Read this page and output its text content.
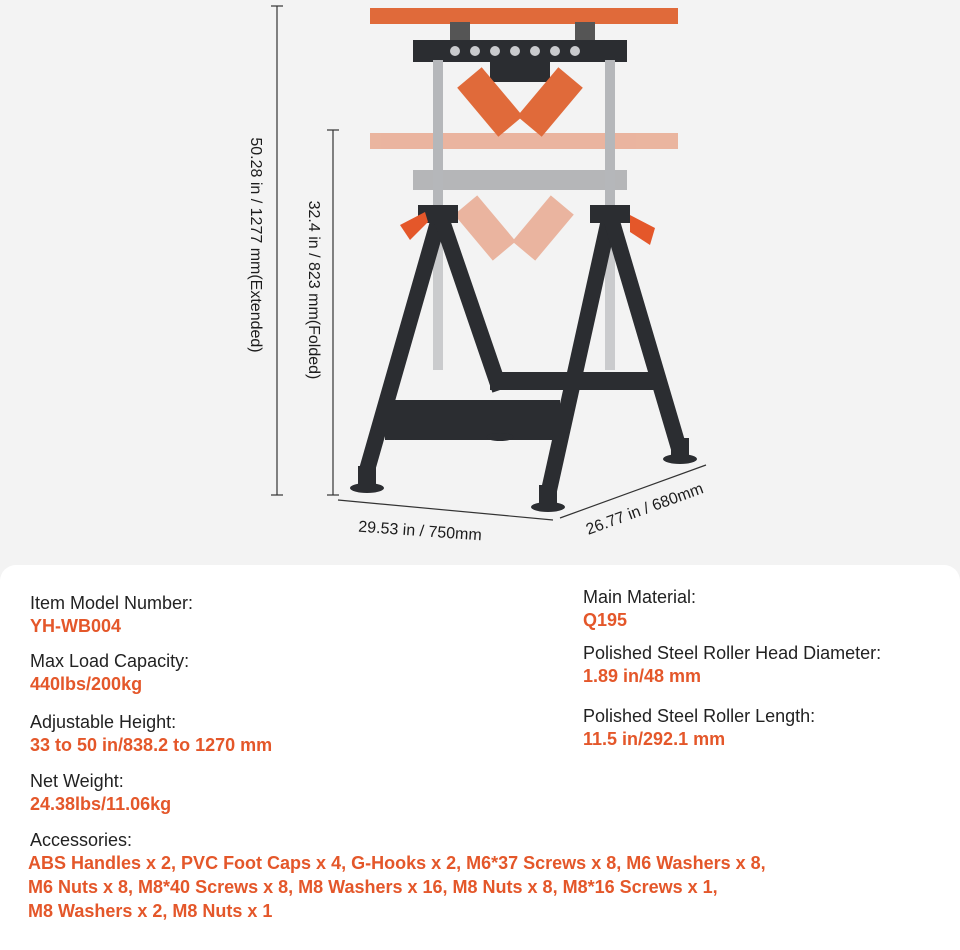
50.28 in / 1277 mm(Extended)	32.4 in / 823 mm(Folded)
29.53 in / 750mm	26.77 in / 680mm
Item Model Number:
YH-WB004
Max Load Capacity:
440lbs/200kg
Adjustable Height:
33 to 50 in/838.2 to 1270 mm
Net Weight:
24.38lbs/11.06kg
Accessories:
ABS Handles x 2, PVC Foot Caps x 4, G-Hooks x 2, M6*37 Screws x 8, M6 Washers x 8,
M6 Nuts x 8, M8*40 Screws x 8, M8 Washers x 16, M8 Nuts x 8, M8*16 Screws x 1,
M8 Washers x 2, M8 Nuts x 1
Main Material:
Q195
Polished Steel Roller Head Diameter:
1.89 in/48 mm
Polished Steel Roller Length:
11.5 in/292.1 mm
